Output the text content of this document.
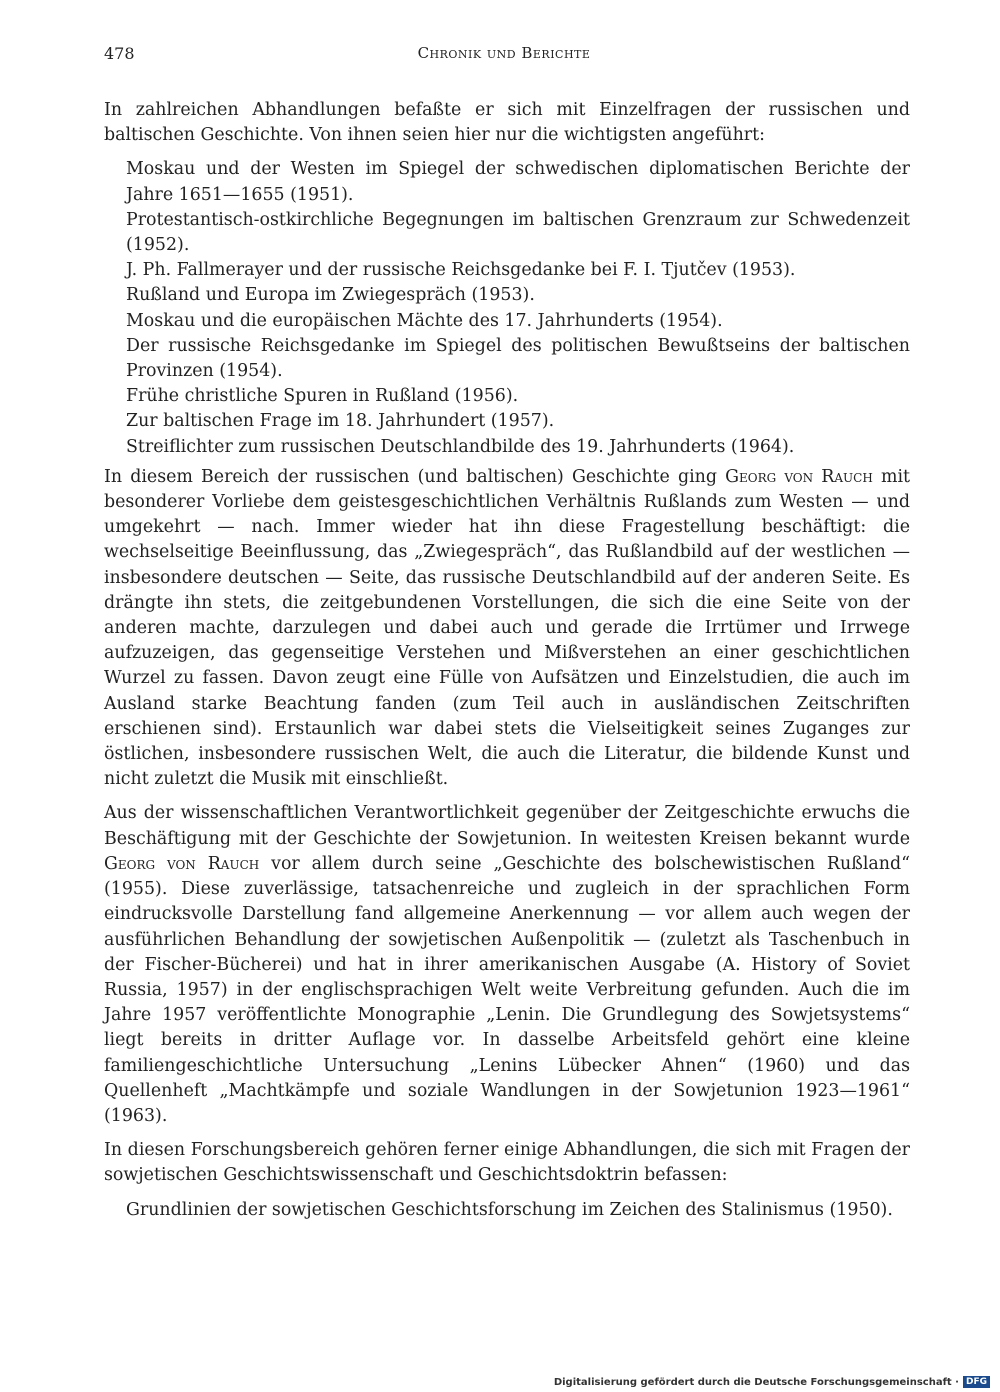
478	Chronik und Berichte

In zahlreichen Abhandlungen befaßte er sich mit Einzelfragen der russischen und baltischen Geschichte. Von ihnen seien hier nur die wichtigsten angeführt:

Moskau und der Westen im Spiegel der schwedischen diplomatischen Berichte der Jahre 1651—1655 (1951).
Protestantisch-ostkirchliche Begegnungen im baltischen Grenzraum zur Schwedenzeit (1952).
J. Ph. Fallmerayer und der russische Reichsgedanke bei F. I. Tjutčev (1953).
Rußland und Europa im Zwiegespräch (1953).
Moskau und die europäischen Mächte des 17. Jahrhunderts (1954).
Der russische Reichsgedanke im Spiegel des politischen Bewußtseins der baltischen Provinzen (1954).
Frühe christliche Spuren in Rußland (1956).
Zur baltischen Frage im 18. Jahrhundert (1957).
Streiflichter zum russischen Deutschlandbilde des 19. Jahrhunderts (1964).

In diesem Bereich der russischen (und baltischen) Geschichte ging Georg von Rauch mit besonderer Vorliebe dem geistesgeschichtlichen Verhältnis Rußlands zum Westen — und umgekehrt — nach. Immer wieder hat ihn diese Fragestellung beschäftigt: die wechselseitige Beeinflussung, das „Zwiegespräch“, das Rußlandbild auf der westlichen — insbesondere deutschen — Seite, das russische Deutschlandbild auf der anderen Seite. Es drängte ihn stets, die zeitgebundenen Vorstellungen, die sich die eine Seite von der anderen machte, darzulegen und dabei auch und gerade die Irrtümer und Irrwege aufzuzeigen, das gegenseitige Verstehen und Mißverstehen an einer geschichtlichen Wurzel zu fassen. Davon zeugt eine Fülle von Aufsätzen und Einzelstudien, die auch im Ausland starke Beachtung fanden (zum Teil auch in ausländischen Zeitschriften erschienen sind). Erstaunlich war dabei stets die Vielseitigkeit seines Zuganges zur östlichen, insbesondere russischen Welt, die auch die Literatur, die bildende Kunst und nicht zuletzt die Musik mit einschließt.

Aus der wissenschaftlichen Verantwortlichkeit gegenüber der Zeitgeschichte erwuchs die Beschäftigung mit der Geschichte der Sowjetunion. In weitesten Kreisen bekannt wurde Georg von Rauch vor allem durch seine „Geschichte des bolschewistischen Rußland“ (1955). Diese zuverlässige, tatsachenreiche und zugleich in der sprachlichen Form eindrucksvolle Darstellung fand allgemeine Anerkennung — vor allem auch wegen der ausführlichen Behandlung der sowjetischen Außenpolitik — (zuletzt als Taschenbuch in der Fischer-Bücherei) und hat in ihrer amerikanischen Ausgabe (A. History of Soviet Russia, 1957) in der englischsprachigen Welt weite Verbreitung gefunden. Auch die im Jahre 1957 veröffentlichte Monographie „Lenin. Die Grundlegung des Sowjetsystems“ liegt bereits in dritter Auflage vor. In dasselbe Arbeitsfeld gehört eine kleine familiengeschichtliche Untersuchung „Lenins Lübecker Ahnen“ (1960) und das Quellenheft „Machtkämpfe und soziale Wandlungen in der Sowjetunion 1923—1961“ (1963).

In diesen Forschungsbereich gehören ferner einige Abhandlungen, die sich mit Fragen der sowjetischen Geschichtswissenschaft und Geschichtsdoktrin befassen:

Grundlinien der sowjetischen Geschichtsforschung im Zeichen des Stalinismus (1950).
Digitalisierung gefördert durch die Deutsche Forschungsgemeinschaft · DFG
